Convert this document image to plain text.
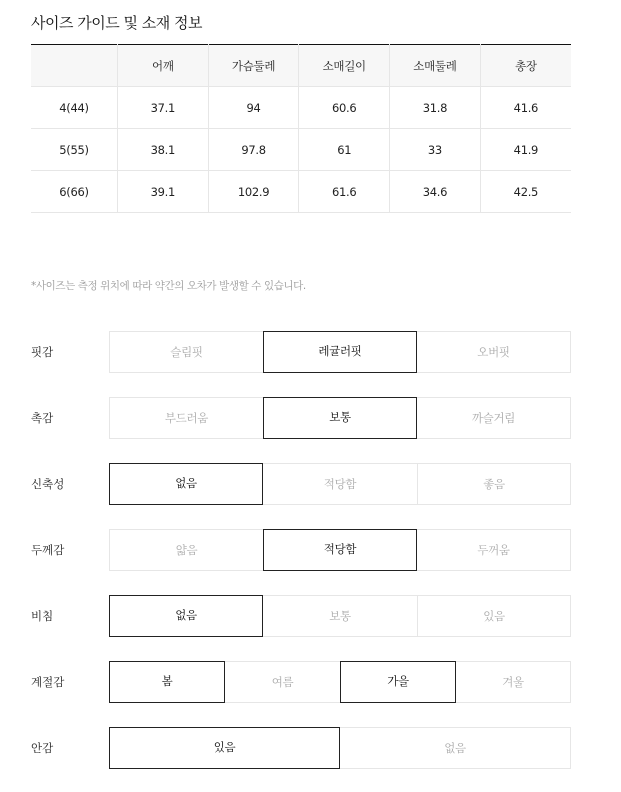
사이즈 가이드 및 소재 정보
	어깨	가슴둘레	소매길이	소매둘레	총장
4(44)	37.1	94	60.6	31.8	41.6
5(55)	38.1	97.8	61	33	41.9
6(66)	39.1	102.9	61.6	34.6	42.5
*사이즈는 측정 위치에 따라 약간의 오차가 발생할 수 있습니다.
핏감	슬림핏	레귤러핏	오버핏
촉감	부드러움	보통	까슬거림
신축성	없음	적당함	좋음
두께감	얇음	적당함	두꺼움
비침	없음	보통	있음
계절감	봄	여름	가을	겨울
안감	있음	없음
